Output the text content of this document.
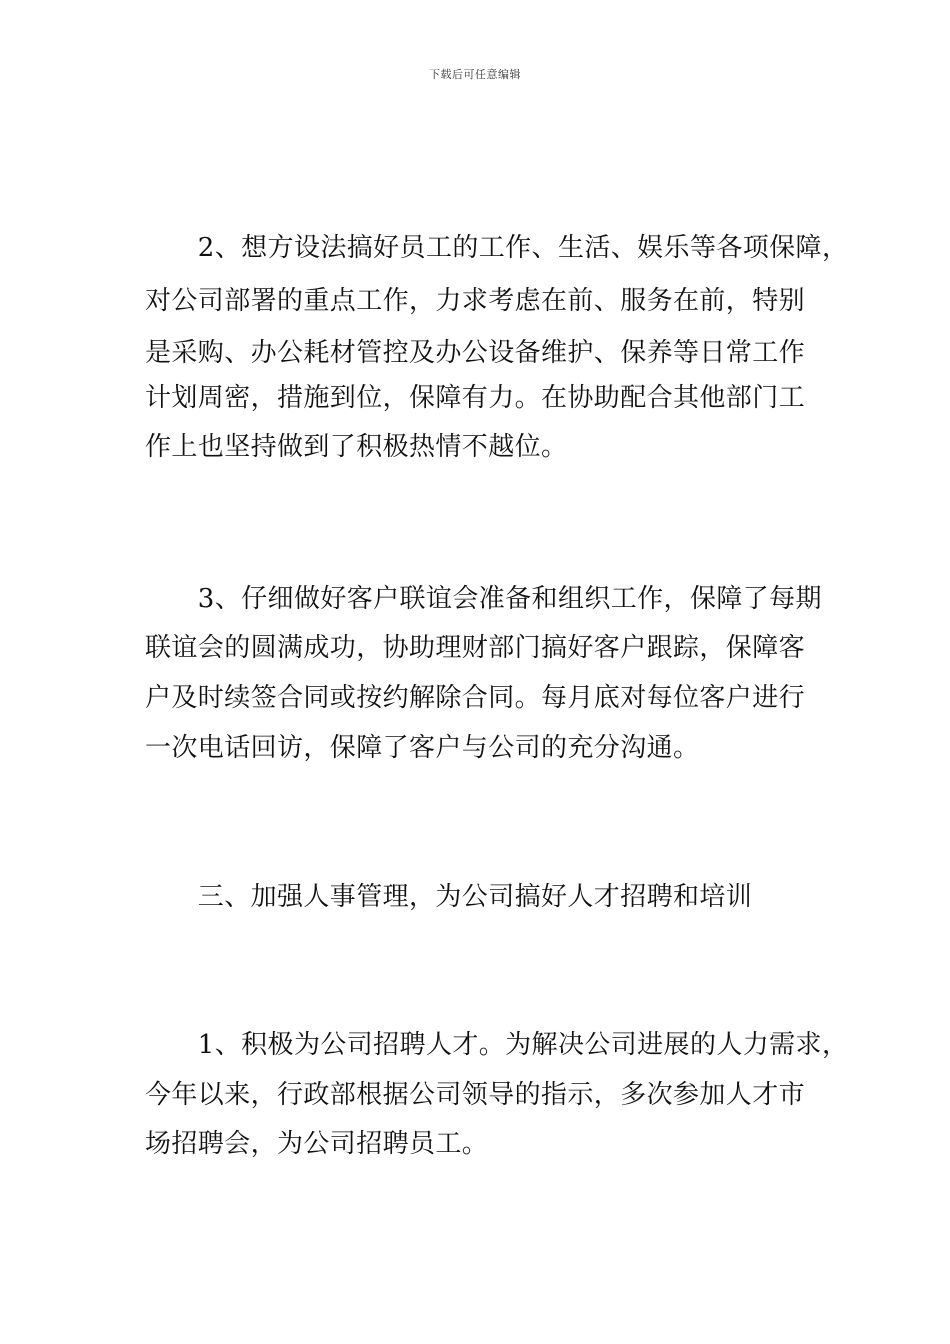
下载后可任意编辑
　　2、想方设法搞好员工的工作、生活、娱乐等各项保障，
对公司部署的重点工作，力求考虑在前、服务在前，特别
是采购、办公耗材管控及办公设备维护、保养等日常工作
计划周密，措施到位，保障有力。在协助配合其他部门工
作上也坚持做到了积极热情不越位。
　　3、仔细做好客户联谊会准备和组织工作，保障了每期
联谊会的圆满成功，协助理财部门搞好客户跟踪，保障客
户及时续签合同或按约解除合同。每月底对每位客户进行
一次电话回访，保障了客户与公司的充分沟通。
　　三、加强人事管理，为公司搞好人才招聘和培训
　　1、积极为公司招聘人才。为解决公司进展的人力需求，
今年以来，行政部根据公司领导的指示，多次参加人才市
场招聘会，为公司招聘员工。
